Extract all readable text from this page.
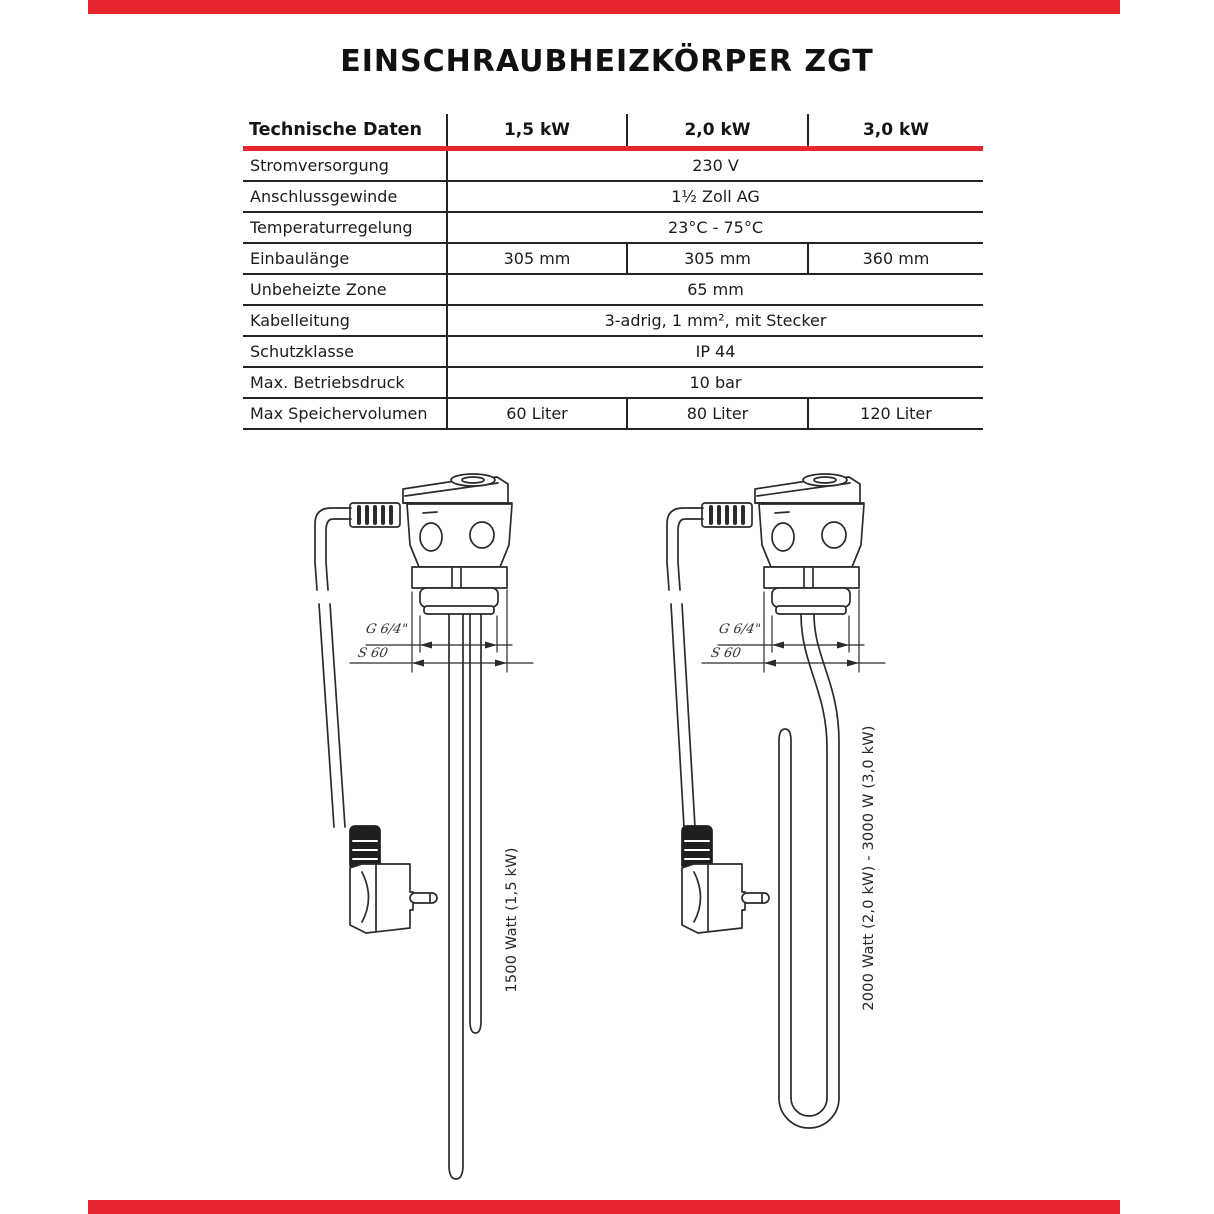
EINSCHRAUBHEIZKÖRPER ZGT
Technische Daten	1,5 kW	2,0 kW	3,0 kW
Stromversorgung	230 V		
Anschlussgewinde	1½ Zoll AG		
Temperaturregelung	23°C - 75°C		
Einbaulänge	305 mm	305 mm	360 mm
Unbeheizte Zone	65 mm		
Kabelleitung	3-adrig, 1 mm², mit Stecker		
Schutzklasse	IP 44		
Max. Betriebsdruck	10 bar		
Max Speichervolumen	60 Liter	80 Liter	120 Liter
G 6/4"
S 60
G 6/4"
S 60
1500 Watt (1,5 kW)	2000 Watt (2,0 kW) - 3000 W (3,0 kW)
